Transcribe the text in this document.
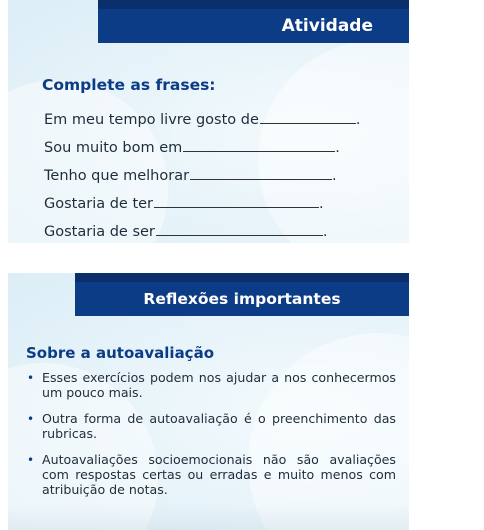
Atividade
Complete as frases:
Em meu tempo livre gosto de	.
Sou muito bom em	.
Tenho que melhorar	.
Gostaria de ter	.
Gostaria de ser	.
Reflexões importantes
Sobre a autoavaliação
• Esses exercícios podem nos ajudar a nos conhecermos um pouco mais.
• Outra forma de autoavaliação é o preenchimento das rubricas.
• Autoavaliações socioemocionais não são avaliações com respostas certas ou erradas e muito menos com atribuição de notas.
